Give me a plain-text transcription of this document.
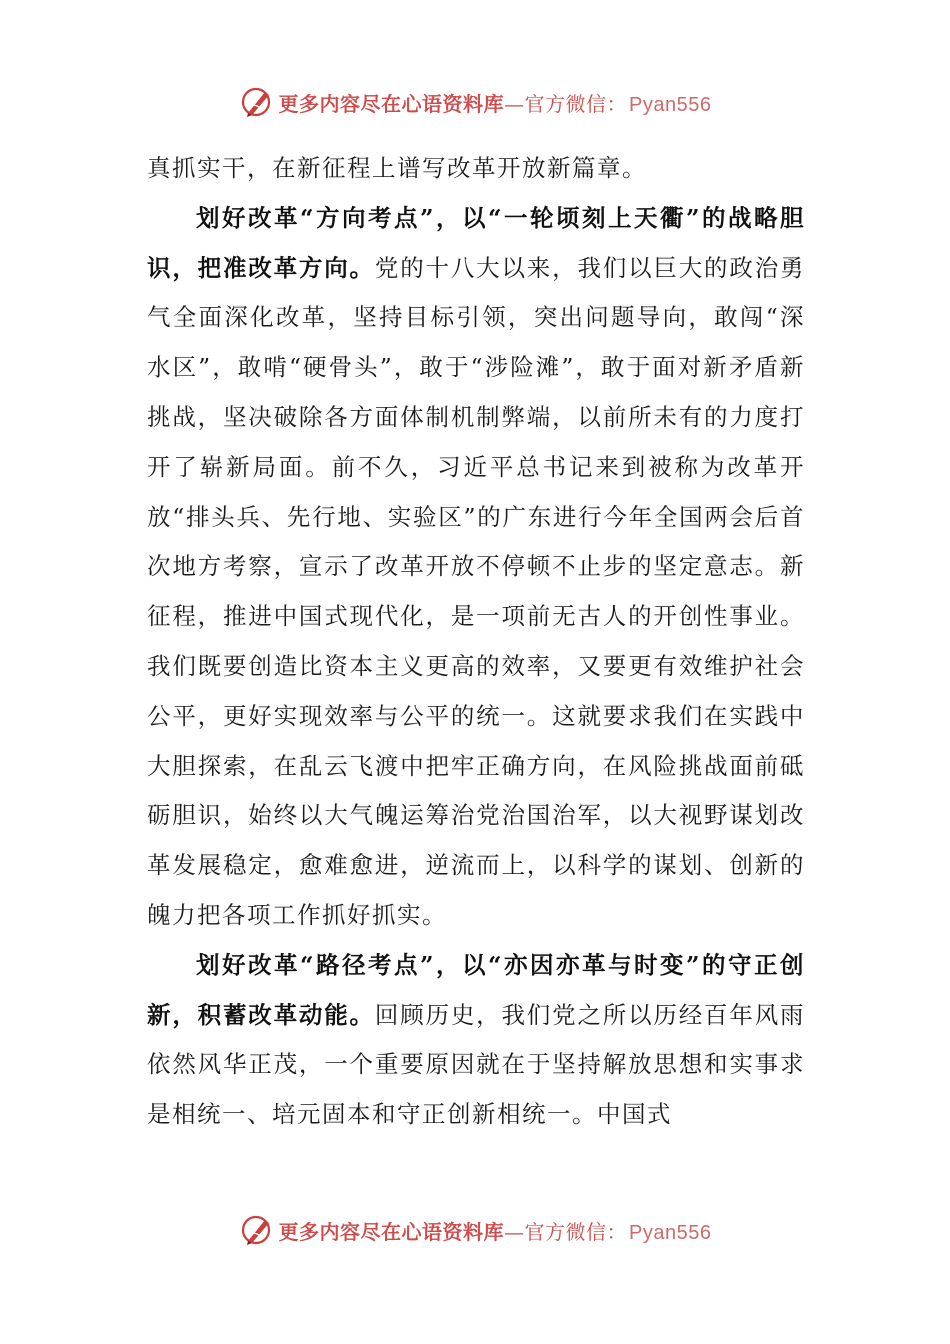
更多内容尽在心语资料库—官方微信： Pyan556

真抓实干，在新征程上谱写改革开放新篇章。

划好改革“方向考点”，以“一轮顷刻上天衢”的战略胆识，把准改革方向。党的十八大以来，我们以巨大的政治勇气全面深化改革，坚持目标引领，突出问题导向，敢闯“深水区”，敢啃“硬骨头”，敢于“涉险滩”，敢于面对新矛盾新挑战，坚决破除各方面体制机制弊端，以前所未有的力度打开了崭新局面。前不久，习近平总书记来到被称为改革开放“排头兵、先行地、实验区”的广东进行今年全国两会后首次地方考察，宣示了改革开放不停顿不止步的坚定意志。新征程，推进中国式现代化，是一项前无古人的开创性事业。我们既要创造比资本主义更高的效率，又要更有效维护社会公平，更好实现效率与公平的统一。这就要求我们在实践中大胆探索，在乱云飞渡中把牢正确方向，在风险挑战面前砥砺胆识，始终以大气魄运筹治党治国治军，以大视野谋划改革发展稳定，愈难愈进，逆流而上，以科学的谋划、创新的魄力把各项工作抓好抓实。

划好改革“路径考点”，以“亦因亦革与时变”的守正创新，积蓄改革动能。回顾历史，我们党之所以历经百年风雨依然风华正茂，一个重要原因就在于坚持解放思想和实事求是相统一、培元固本和守正创新相统一。中国式

更多内容尽在心语资料库—官方微信： Pyan556
